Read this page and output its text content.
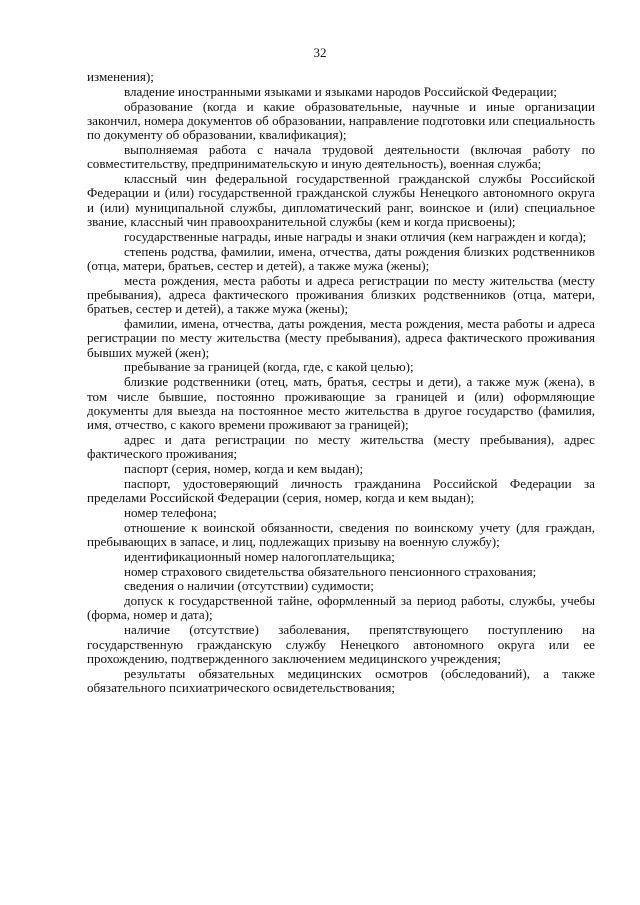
32

изменения);

владение иностранными языками и языками народов Российской Федерации;

образование (когда и какие образовательные, научные и иные организации закончил, номера документов об образовании, направление подготовки или специальность по документу об образовании, квалификация);

выполняемая работа с начала трудовой деятельности (включая работу по совместительству, предпринимательскую и иную деятельность), военная служба;

классный чин федеральной государственной гражданской службы Российской Федерации и (или) государственной гражданской службы Ненецкого автономного округа и (или) муниципальной службы, дипломатический ранг, воинское и (или) специальное звание, классный чин правоохранительной службы (кем и когда присвоены);

государственные награды, иные награды и знаки отличия (кем награжден и когда);

степень родства, фамилии, имена, отчества, даты рождения близких родственников (отца, матери, братьев, сестер и детей), а также мужа (жены);

места рождения, места работы и адреса регистрации по месту жительства (месту пребывания), адреса фактического проживания близких родственников (отца, матери, братьев, сестер и детей), а также мужа (жены);

фамилии, имена, отчества, даты рождения, места рождения, места работы и адреса регистрации по месту жительства (месту пребывания), адреса фактического проживания бывших мужей (жен);

пребывание за границей (когда, где, с какой целью);

близкие родственники (отец, мать, братья, сестры и дети), а также муж (жена), в том числе бывшие, постоянно проживающие за границей и (или) оформляющие документы для выезда на постоянное место жительства в другое государство (фамилия, имя, отчество, с какого времени проживают за границей);

адрес и дата регистрации по месту жительства (месту пребывания), адрес фактического проживания;

паспорт (серия, номер, когда и кем выдан);

паспорт, удостоверяющий личность гражданина Российской Федерации за пределами Российской Федерации (серия, номер, когда и кем выдан);

номер телефона;

отношение к воинской обязанности, сведения по воинскому учету (для граждан, пребывающих в запасе, и лиц, подлежащих призыву на военную службу);

идентификационный номер налогоплательщика;

номер страхового свидетельства обязательного пенсионного страхования;

сведения о наличии (отсутствии) судимости;

допуск к государственной тайне, оформленный за период работы, службы, учебы (форма, номер и дата);

наличие (отсутствие) заболевания, препятствующего поступлению на государственную гражданскую службу Ненецкого автономного округа или ее прохождению, подтвержденного заключением медицинского учреждения;

результаты обязательных медицинских осмотров (обследований), а также обязательного психиатрического освидетельствования;
